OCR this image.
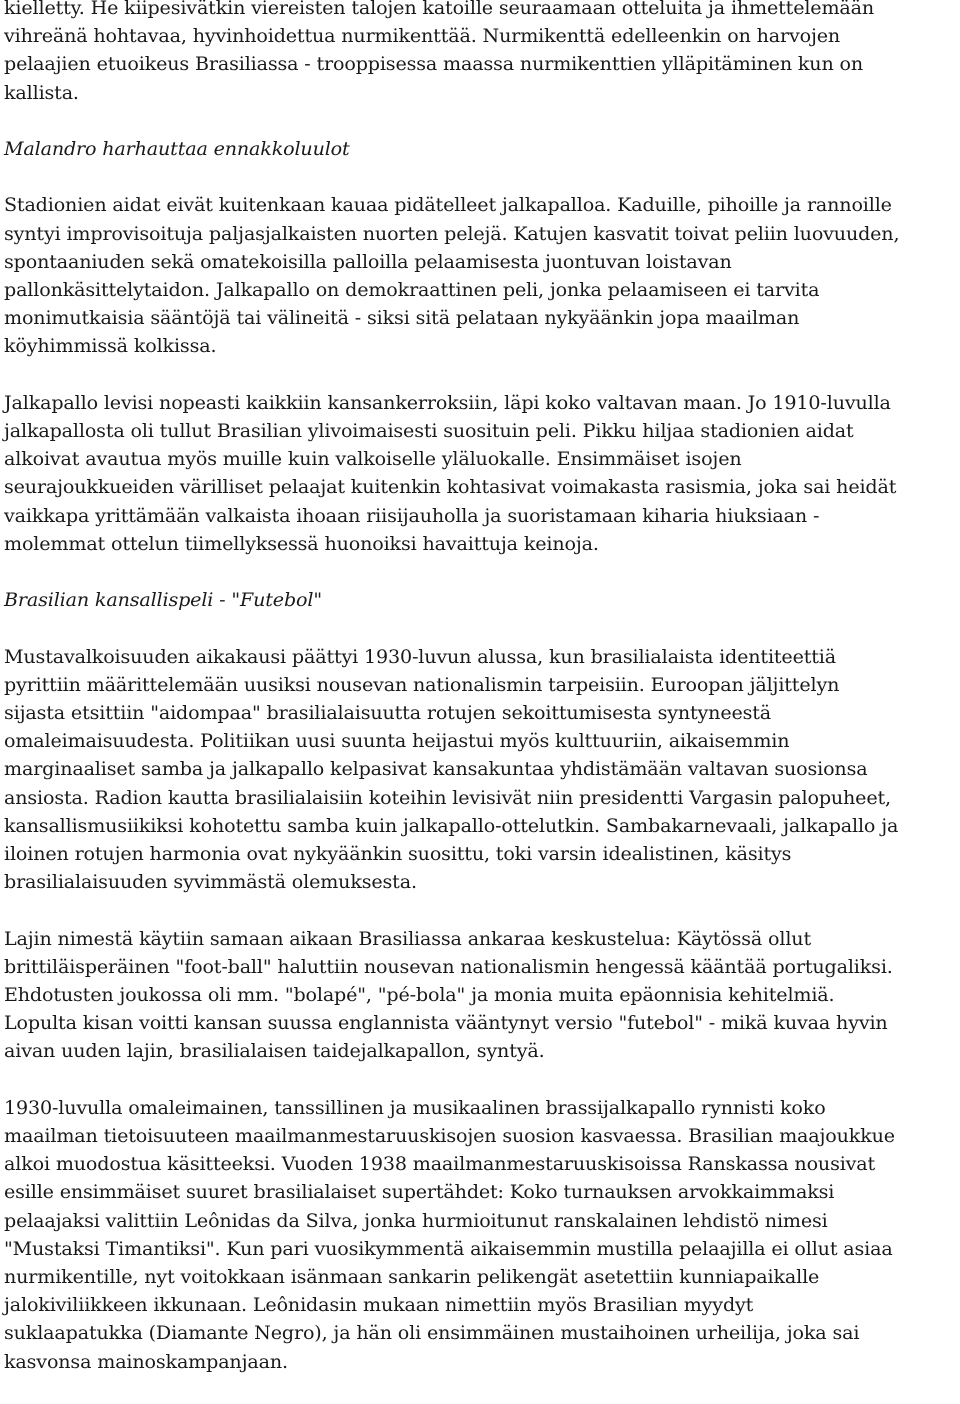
kielletty. He kiipesivätkin viereisten talojen katoille seuraamaan otteluita ja ihmettelemään
vihreänä hohtavaa, hyvinhoidettua nurmikenttää. Nurmikenttä edelleenkin on harvojen
pelaajien etuoikeus Brasiliassa - trooppisessa maassa nurmikenttien ylläpitäminen kun on
kallista.
Malandro harhauttaa ennakkoluulot
Stadionien aidat eivät kuitenkaan kauaa pidätelleet jalkapalloa. Kaduille, pihoille ja rannoille
syntyi improvisoituja paljasjalkaisten nuorten pelejä. Katujen kasvatit toivat peliin luovuuden,
spontaaniuden sekä omatekoisilla palloilla pelaamisesta juontuvan loistavan
pallonkäsittelytaidon. Jalkapallo on demokraattinen peli, jonka pelaamiseen ei tarvita
monimutkaisia sääntöjä tai välineitä - siksi sitä pelataan nykyäänkin jopa maailman
köyhimmissä kolkissa.
Jalkapallo levisi nopeasti kaikkiin kansankerroksiin, läpi koko valtavan maan. Jo 1910-luvulla
jalkapallosta oli tullut Brasilian ylivoimaisesti suosituin peli. Pikku hiljaa stadionien aidat
alkoivat avautua myös muille kuin valkoiselle yläluokalle. Ensimmäiset isojen
seurajoukkueiden värilliset pelaajat kuitenkin kohtasivat voimakasta rasismia, joka sai heidät
vaikkapa yrittämään valkaista ihoaan riisijauholla ja suoristamaan kiharia hiuksiaan -
molemmat ottelun tiimellyksessä huonoiksi havaittuja keinoja.
Brasilian kansallispeli - "Futebol"
Mustavalkoisuuden aikakausi päättyi 1930-luvun alussa, kun brasilialaista identiteettiä
pyrittiin määrittelemään uusiksi nousevan nationalismin tarpeisiin. Euroopan jäljittelyn
sijasta etsittiin "aidompaa" brasilialaisuutta rotujen sekoittumisesta syntyneestä
omaleimaisuudesta. Politiikan uusi suunta heijastui myös kulttuuriin, aikaisemmin
marginaaliset samba ja jalkapallo kelpasivat kansakuntaa yhdistämään valtavan suosionsa
ansiosta. Radion kautta brasilialaisiin koteihin levisivät niin presidentti Vargasin palopuheet,
kansallismusiikiksi kohotettu samba kuin jalkapallo-ottelutkin. Sambakarnevaali, jalkapallo ja
iloinen rotujen harmonia ovat nykyäänkin suosittu, toki varsin idealistinen, käsitys
brasilialaisuuden syvimmästä olemuksesta.
Lajin nimestä käytiin samaan aikaan Brasiliassa ankaraa keskustelua: Käytössä ollut
brittiläisperäinen "foot-ball" haluttiin nousevan nationalismin hengessä kääntää portugaliksi.
Ehdotusten joukossa oli mm. "bolapé", "pé-bola" ja monia muita epäonnisia kehitelmiä.
Lopulta kisan voitti kansan suussa englannista vääntynyt versio "futebol" - mikä kuvaa hyvin
aivan uuden lajin, brasilialaisen taidejalkapallon, syntyä.
1930-luvulla omaleimainen, tanssillinen ja musikaalinen brassijalkapallo rynnisti koko
maailman tietoisuuteen maailmanmestaruuskisojen suosion kasvaessa. Brasilian maajoukkue
alkoi muodostua käsitteeksi. Vuoden 1938 maailmanmestaruuskisoissa Ranskassa nousivat
esille ensimmäiset suuret brasilialaiset supertähdet: Koko turnauksen arvokkaimmaksi
pelaajaksi valittiin Leônidas da Silva, jonka hurmioitunut ranskalainen lehdistö nimesi
"Mustaksi Timantiksi". Kun pari vuosikymmentä aikaisemmin mustilla pelaajilla ei ollut asiaa
nurmikentille, nyt voitokkaan isänmaan sankarin pelikengät asetettiin kunniapaikalle
jalokiviliikkeen ikkunaan. Leônidasin mukaan nimettiin myös Brasilian myydyt
suklaapatukka (Diamante Negro), ja hän oli ensimmäinen mustaihoinen urheilija, joka sai
kasvonsa mainoskampanjaan.
